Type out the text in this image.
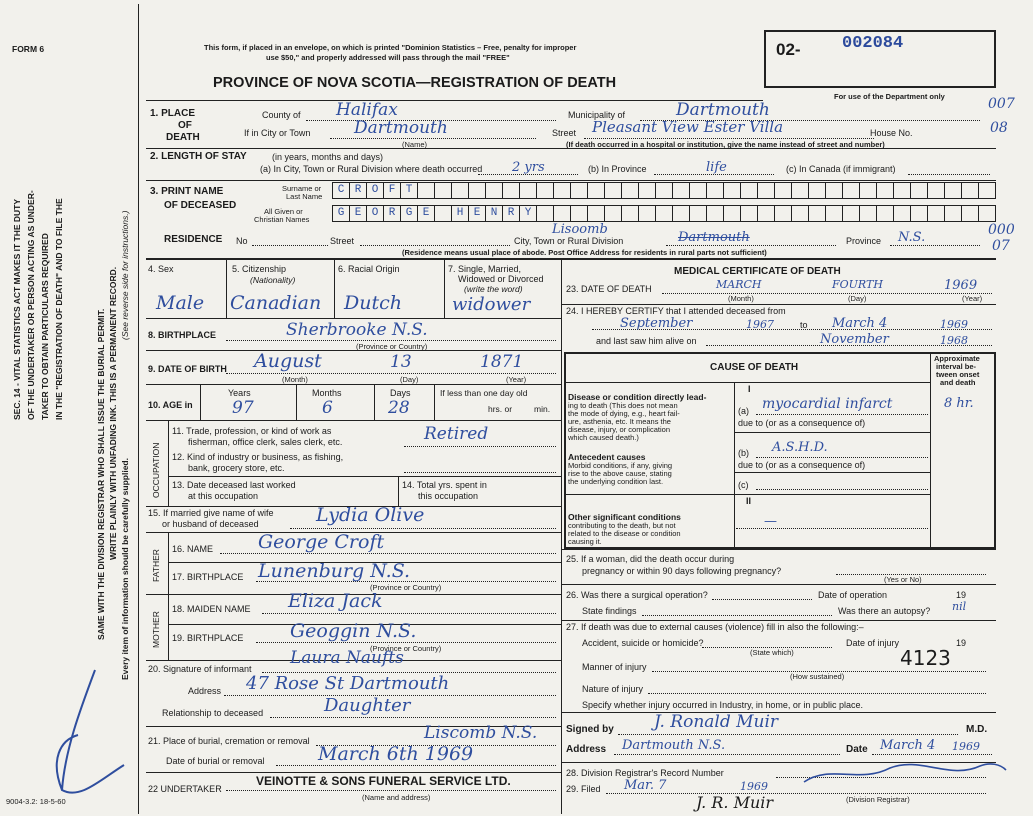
FORM 6	This form, if placed in an envelope, on which is printed "Dominion Statistics – Free, penalty for improper
use $50," and properly addressed will pass through the mail "FREE"
PROVINCE OF NOVA SCOTIA—REGISTRATION OF DEATH
02- 002084
For use of the Department only	007
08
000
07
SEC. 14 - VITAL STATISTICS ACT MAKES IT THE DUTY OF THE UNDERTAKER OR PERSON ACTING AS UNDER- TAKER TO OBTAIN PARTICULARS REQUIRED IN THE "REGISTRATION OF DEATH" AND TO FILE THE	SAME WITH THE DIVISION REGISTRAR WHO SHALL ISSUE THE BURIAL PERMIT. WRITE PLAINLY WITH UNFADING INK. THIS IS A PERMANENT RECORD.
Every item of information should be carefully supplied.
(See reverse side for instructions.)
9004-3.2: 18-5-60
1. PLACE
OF
DEATH
County of Halifax	Municipality of	Dartmouth
If in City or Town	Dartmouth
(Name)
Street Pleasant View Ester Villa	House No.
(If death occurred in a hospital or institution, give the name instead of street and number)
2. LENGTH OF STAY	(in years, months and days)
(a) In City, Town or Rural Division where death occurred 2 yrs	(b) In Province	life	(c) In Canada (if immigrant)
3. PRINT NAME
OF DECEASED
Surname or
Last Name
All Given or
Christian Names
C R O F T
G E O R G E	H E N R Y
RESIDENCE No	Street	City, Town or Rural Division
Lisoomb
Dartmouth	Province N.S.
(Residence means usual place of abode. Post Office Address for residents in rural parts not sufficient)
4. Sex
Male
5. Citizenship
(Nationality)
Canadian
6. Racial Origin
Dutch
7. Single, Married,
Widowed or Divorced
(write the word)
widower
8. BIRTHPLACE	Sherbrooke N.S.
(Province or Country)
9. DATE OF BIRTH August	13	1871
(Month)	(Day)	(Year)
10. AGE in
Years
97
Months
6
Days
28
If less than one day old
hrs. or	min.
OCCUPATION
11. Trade, profession, or kind of work as
fisherman, office clerk, sales clerk, etc.	Retired
12. Kind of industry or business, as fishing,
bank, grocery store, etc.
13. Date deceased last worked
at this occupation
14. Total yrs. spent in
this occupation
15. If married give name of wife
or husband of deceased	Lydia Olive
FATHER
16. NAME George Croft
17. BIRTHPLACE Lunenburg N.S.
(Province or Country)
MOTHER
18. MAIDEN NAME Eliza Jack
19. BIRTHPLACE Geoggin N.S.
(Province or Country)
20. Signature of informant
Laura Naufts
Address 47 Rose St Dartmouth
Relationship to deceased	Daughter
21. Place of burial, cremation or removal	Liscomb N.S.
Date of burial or removal	March 6th 1969
22 UNDERTAKER
VEINOTTE & SONS FUNERAL SERVICE LTD.
(Name and address)
MEDICAL CERTIFICATE OF DEATH
23. DATE OF DEATH	MARCH	FOURTH	1969
(Month)	(Day)	(Year)
24. I HEREBY CERTIFY that I attended deceased from
September	1967	to March 4	1969
and last saw him alive on	November	1968
CAUSE OF DEATH
Approximate
interval be-
tween onset
and death
I
Disease or condition directly lead-
ing to death (This does not mean
the mode of dying, e.g., heart fail-
ure, asthenia, etc. It means the
disease, injury, or complication
which caused death.)
(a) myocardial infarct	8 hr.
due to (or as a consequence of)
Antecedent causes
Morbid conditions, if any, giving
rise to the above cause, stating
the underlying condition last.
(b) A.S.H.D.
due to (or as a consequence of)
(c)
II
Other significant conditions
contributing to the death, but not
related to the disease or condition
causing it.
—
25. If a woman, did the death occur during
pregnancy or within 90 days following pregnancy?
(Yes or No)
26. Was there a surgical operation?	Date of operation	19
State findings	Was there an autopsy? nil
27. If death was due to external causes (violence) fill in also the following:–
Accident, suicide or homicide?
(State which)
Date of injury	19
Manner of injury	4123
(How sustained)
Nature of injury
Specify whether injury occurred in Industry, in home, or in public place.
Signed by J. Ronald Muir	M.D.
Address Dartmouth N.S.	Date March 4 1969
28. Division Registrar's Record Number
29. Filed Mar. 7	1969
(Division Registrar)
J. R. Muir
